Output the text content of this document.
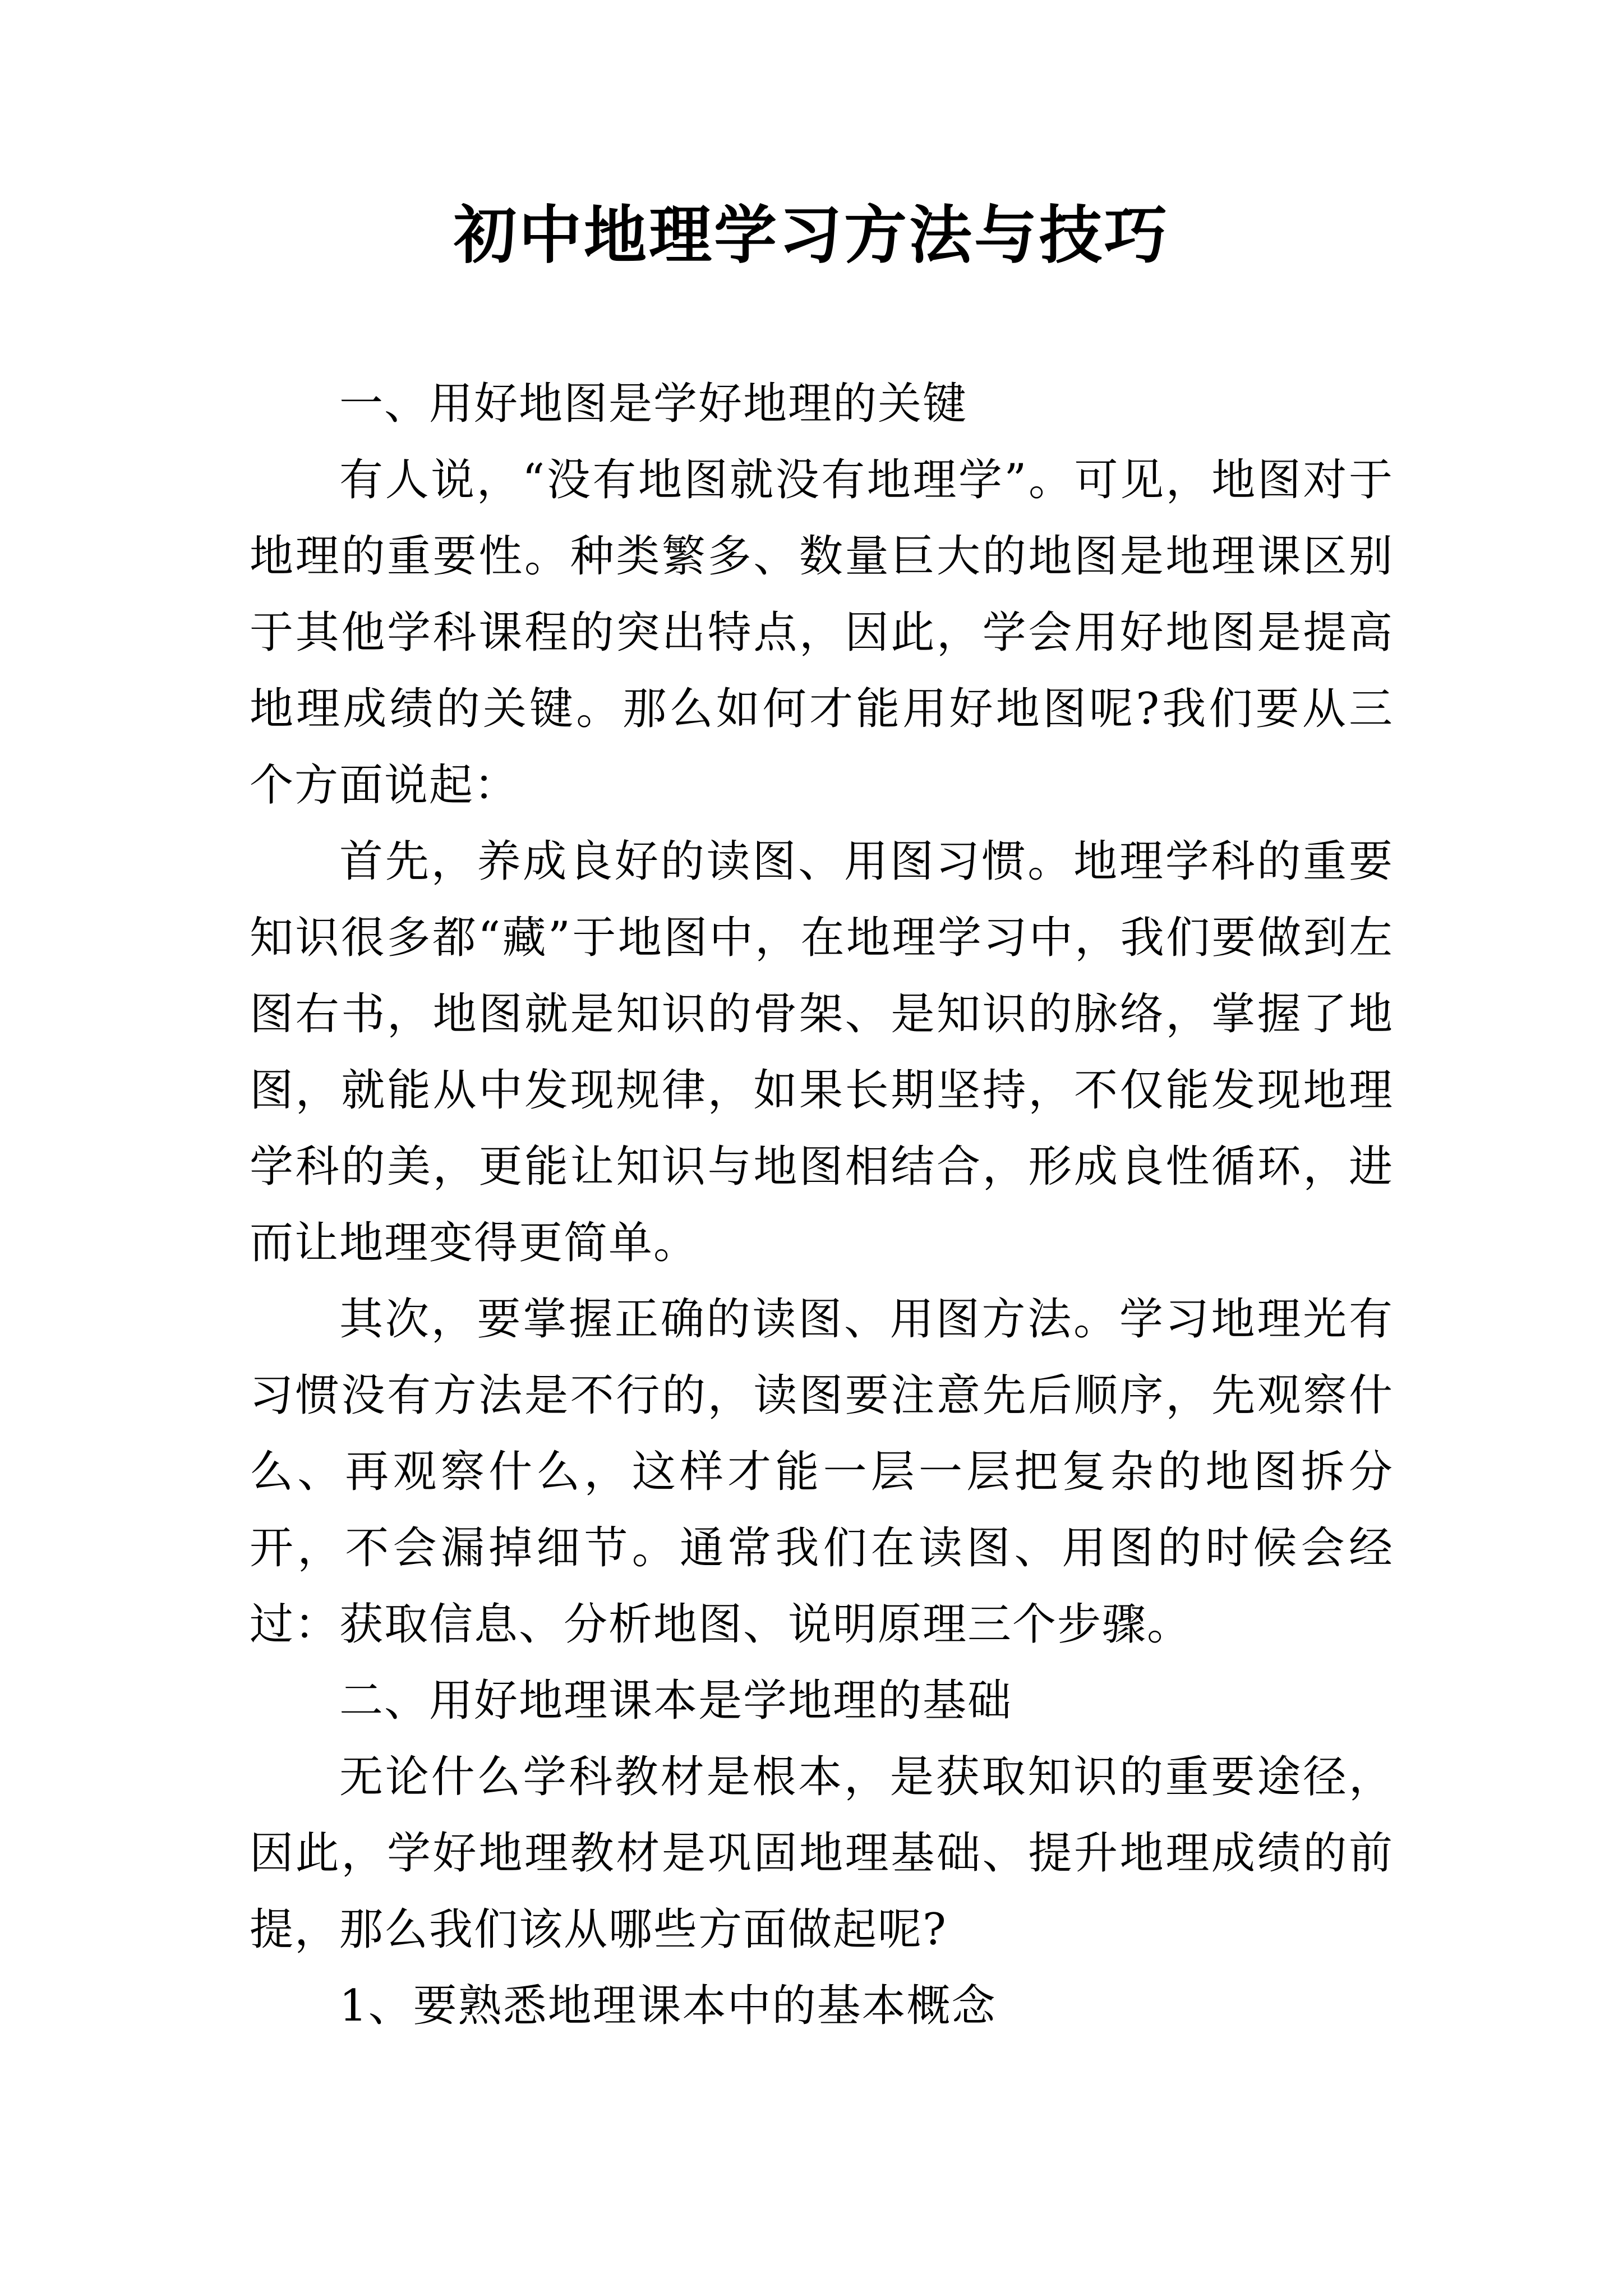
初中地理学习方法与技巧

一、用好地图是学好地理的关键

有人说，“没有地图就没有地理学”。可见，地图对于地理的重要性。种类繁多、数量巨大的地图是地理课区别于其他学科课程的突出特点，因此，学会用好地图是提高地理成绩的关键。那么如何才能用好地图呢?我们要从三个方面说起：

首先，养成良好的读图、用图习惯。地理学科的重要知识很多都“藏”于地图中，在地理学习中，我们要做到左图右书，地图就是知识的骨架、是知识的脉络，掌握了地图，就能从中发现规律，如果长期坚持，不仅能发现地理学科的美，更能让知识与地图相结合，形成良性循环，进而让地理变得更简单。

其次，要掌握正确的读图、用图方法。学习地理光有习惯没有方法是不行的，读图要注意先后顺序，先观察什么、再观察什么，这样才能一层一层把复杂的地图拆分开，不会漏掉细节。通常我们在读图、用图的时候会经过：获取信息、分析地图、说明原理三个步骤。

二、用好地理课本是学地理的基础

无论什么学科教材是根本，是获取知识的重要途径，因此，学好地理教材是巩固地理基础、提升地理成绩的前提，那么我们该从哪些方面做起呢?

1、要熟悉地理课本中的基本概念
